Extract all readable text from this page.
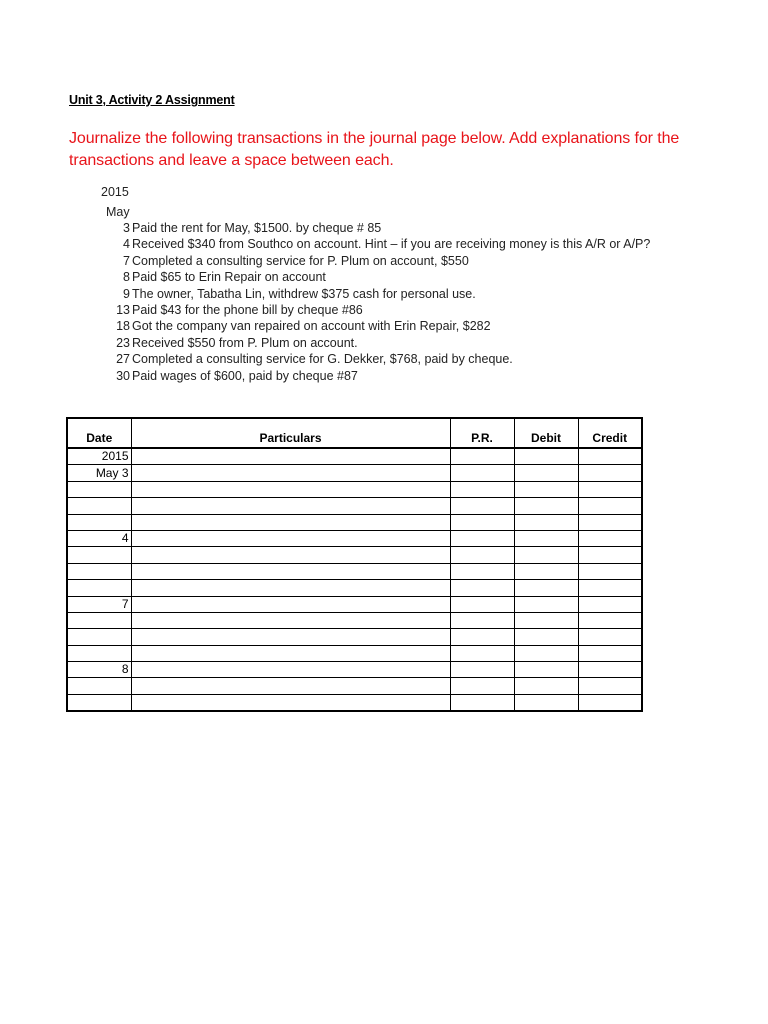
Unit 3, Activity 2 Assignment
Journalize the following transactions in the journal page below. Add explanations for the transactions and leave a space between each.
2015
May
3 Paid the rent for May, $1500. by cheque # 85
4 Received $340 from Southco on account. Hint – if you are receiving money is this A/R or A/P?
7 Completed a consulting service for P. Plum on account, $550
8 Paid $65 to Erin Repair on account
9 The owner, Tabatha Lin, withdrew $375 cash for personal use.
13 Paid $43 for the phone bill by cheque #86
18 Got the company van repaired on account with Erin Repair, $282
23 Received $550 from P. Plum on account.
27 Completed a consulting service for G. Dekker, $768, paid by cheque.
30 Paid wages of $600, paid by cheque #87
Date	Particulars	P.R.	Debit	Credit
2015				
May 3				

4				

7				

8				
